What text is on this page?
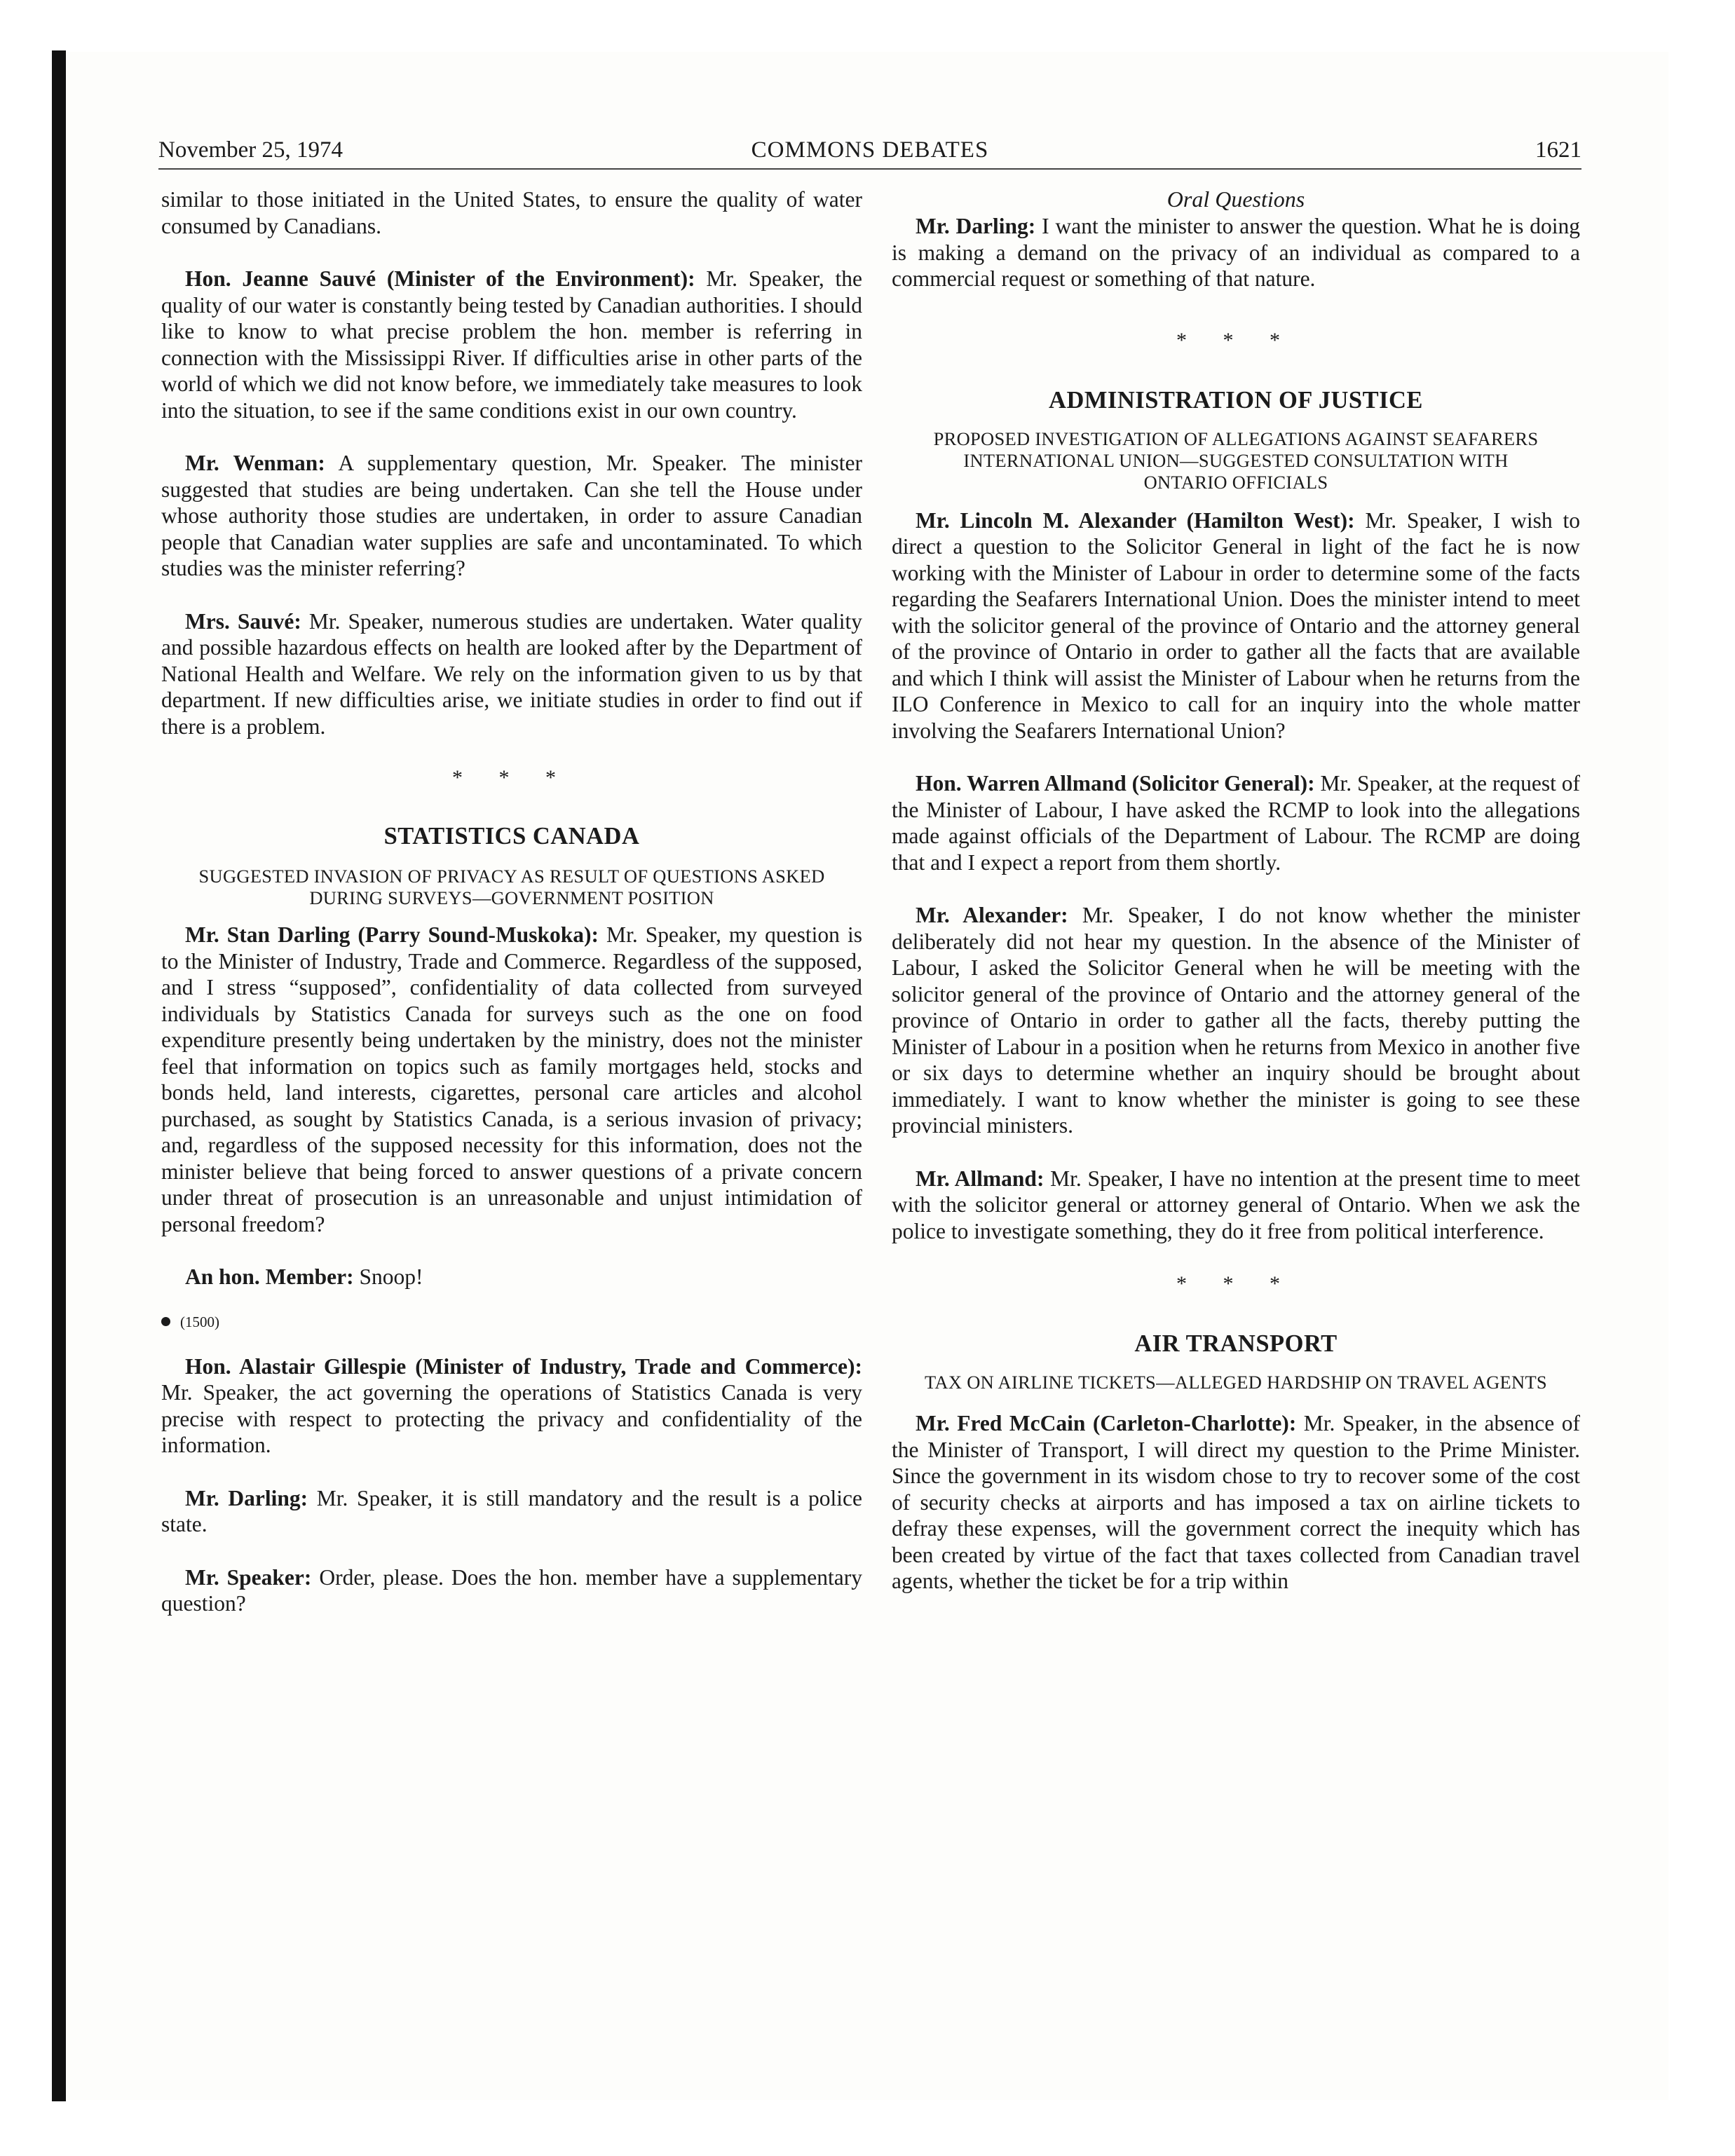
November 25, 1974	COMMONS DEBATES	1621

similar to those initiated in the United States, to ensure the quality of water consumed by Canadians.

Hon. Jeanne Sauvé (Minister of the Environment): Mr. Speaker, the quality of our water is constantly being tested by Canadian authorities. I should like to know to what precise problem the hon. member is referring in connection with the Mississippi River. If difficulties arise in other parts of the world of which we did not know before, we immediately take measures to look into the situation, to see if the same conditions exist in our own country.

Mr. Wenman: A supplementary question, Mr. Speaker. The minister suggested that studies are being undertaken. Can she tell the House under whose authority those studies are undertaken, in order to assure Canadian people that Canadian water supplies are safe and uncontaminated. To which studies was the minister referring?

Mrs. Sauvé: Mr. Speaker, numerous studies are undertaken. Water quality and possible hazardous effects on health are looked after by the Department of National Health and Welfare. We rely on the information given to us by that department. If new difficulties arise, we initiate studies in order to find out if there is a problem.

* * *
STATISTICS CANADA
SUGGESTED INVASION OF PRIVACY AS RESULT OF QUESTIONS ASKED DURING SURVEYS—GOVERNMENT POSITION

Mr. Stan Darling (Parry Sound-Muskoka): Mr. Speaker, my question is to the Minister of Industry, Trade and Commerce. Regardless of the supposed, and I stress “supposed”, confidentiality of data collected from surveyed individuals by Statistics Canada for surveys such as the one on food expenditure presently being undertaken by the ministry, does not the minister feel that information on topics such as family mortgages held, stocks and bonds held, land interests, cigarettes, personal care articles and alcohol purchased, as sought by Statistics Canada, is a serious invasion of privacy; and, regardless of the supposed necessity for this information, does not the minister believe that being forced to answer questions of a private concern under threat of prosecution is an unreasonable and unjust intimidation of personal freedom?

An hon. Member: Snoop!

(1500)

Hon. Alastair Gillespie (Minister of Industry, Trade and Commerce): Mr. Speaker, the act governing the operations of Statistics Canada is very precise with respect to protecting the privacy and confidentiality of the information.

Mr. Darling: Mr. Speaker, it is still mandatory and the result is a police state.

Mr. Speaker: Order, please. Does the hon. member have a supplementary question?

Oral Questions

Mr. Darling: I want the minister to answer the question. What he is doing is making a demand on the privacy of an individual as compared to a commercial request or something of that nature.

* * *
ADMINISTRATION OF JUSTICE
PROPOSED INVESTIGATION OF ALLEGATIONS AGAINST SEAFARERS INTERNATIONAL UNION—SUGGESTED CONSULTATION WITH ONTARIO OFFICIALS

Mr. Lincoln M. Alexander (Hamilton West): Mr. Speaker, I wish to direct a question to the Solicitor General in light of the fact he is now working with the Minister of Labour in order to determine some of the facts regarding the Seafarers International Union. Does the minister intend to meet with the solicitor general of the province of Ontario and the attorney general of the province of Ontario in order to gather all the facts that are available and which I think will assist the Minister of Labour when he returns from the ILO Conference in Mexico to call for an inquiry into the whole matter involving the Seafarers International Union?

Hon. Warren Allmand (Solicitor General): Mr. Speaker, at the request of the Minister of Labour, I have asked the RCMP to look into the allegations made against officials of the Department of Labour. The RCMP are doing that and I expect a report from them shortly.

Mr. Alexander: Mr. Speaker, I do not know whether the minister deliberately did not hear my question. In the absence of the Minister of Labour, I asked the Solicitor General when he will be meeting with the solicitor general of the province of Ontario and the attorney general of the province of Ontario in order to gather all the facts, thereby putting the Minister of Labour in a position when he returns from Mexico in another five or six days to determine whether an inquiry should be brought about immediately. I want to know whether the minister is going to see these provincial ministers.

Mr. Allmand: Mr. Speaker, I have no intention at the present time to meet with the solicitor general or attorney general of Ontario. When we ask the police to investigate something, they do it free from political interference.

* * *
AIR TRANSPORT
TAX ON AIRLINE TICKETS—ALLEGED HARDSHIP ON TRAVEL AGENTS

Mr. Fred McCain (Carleton-Charlotte): Mr. Speaker, in the absence of the Minister of Transport, I will direct my question to the Prime Minister. Since the government in its wisdom chose to try to recover some of the cost of security checks at airports and has imposed a tax on airline tickets to defray these expenses, will the government correct the inequity which has been created by virtue of the fact that taxes collected from Canadian travel agents, whether the ticket be for a trip within
